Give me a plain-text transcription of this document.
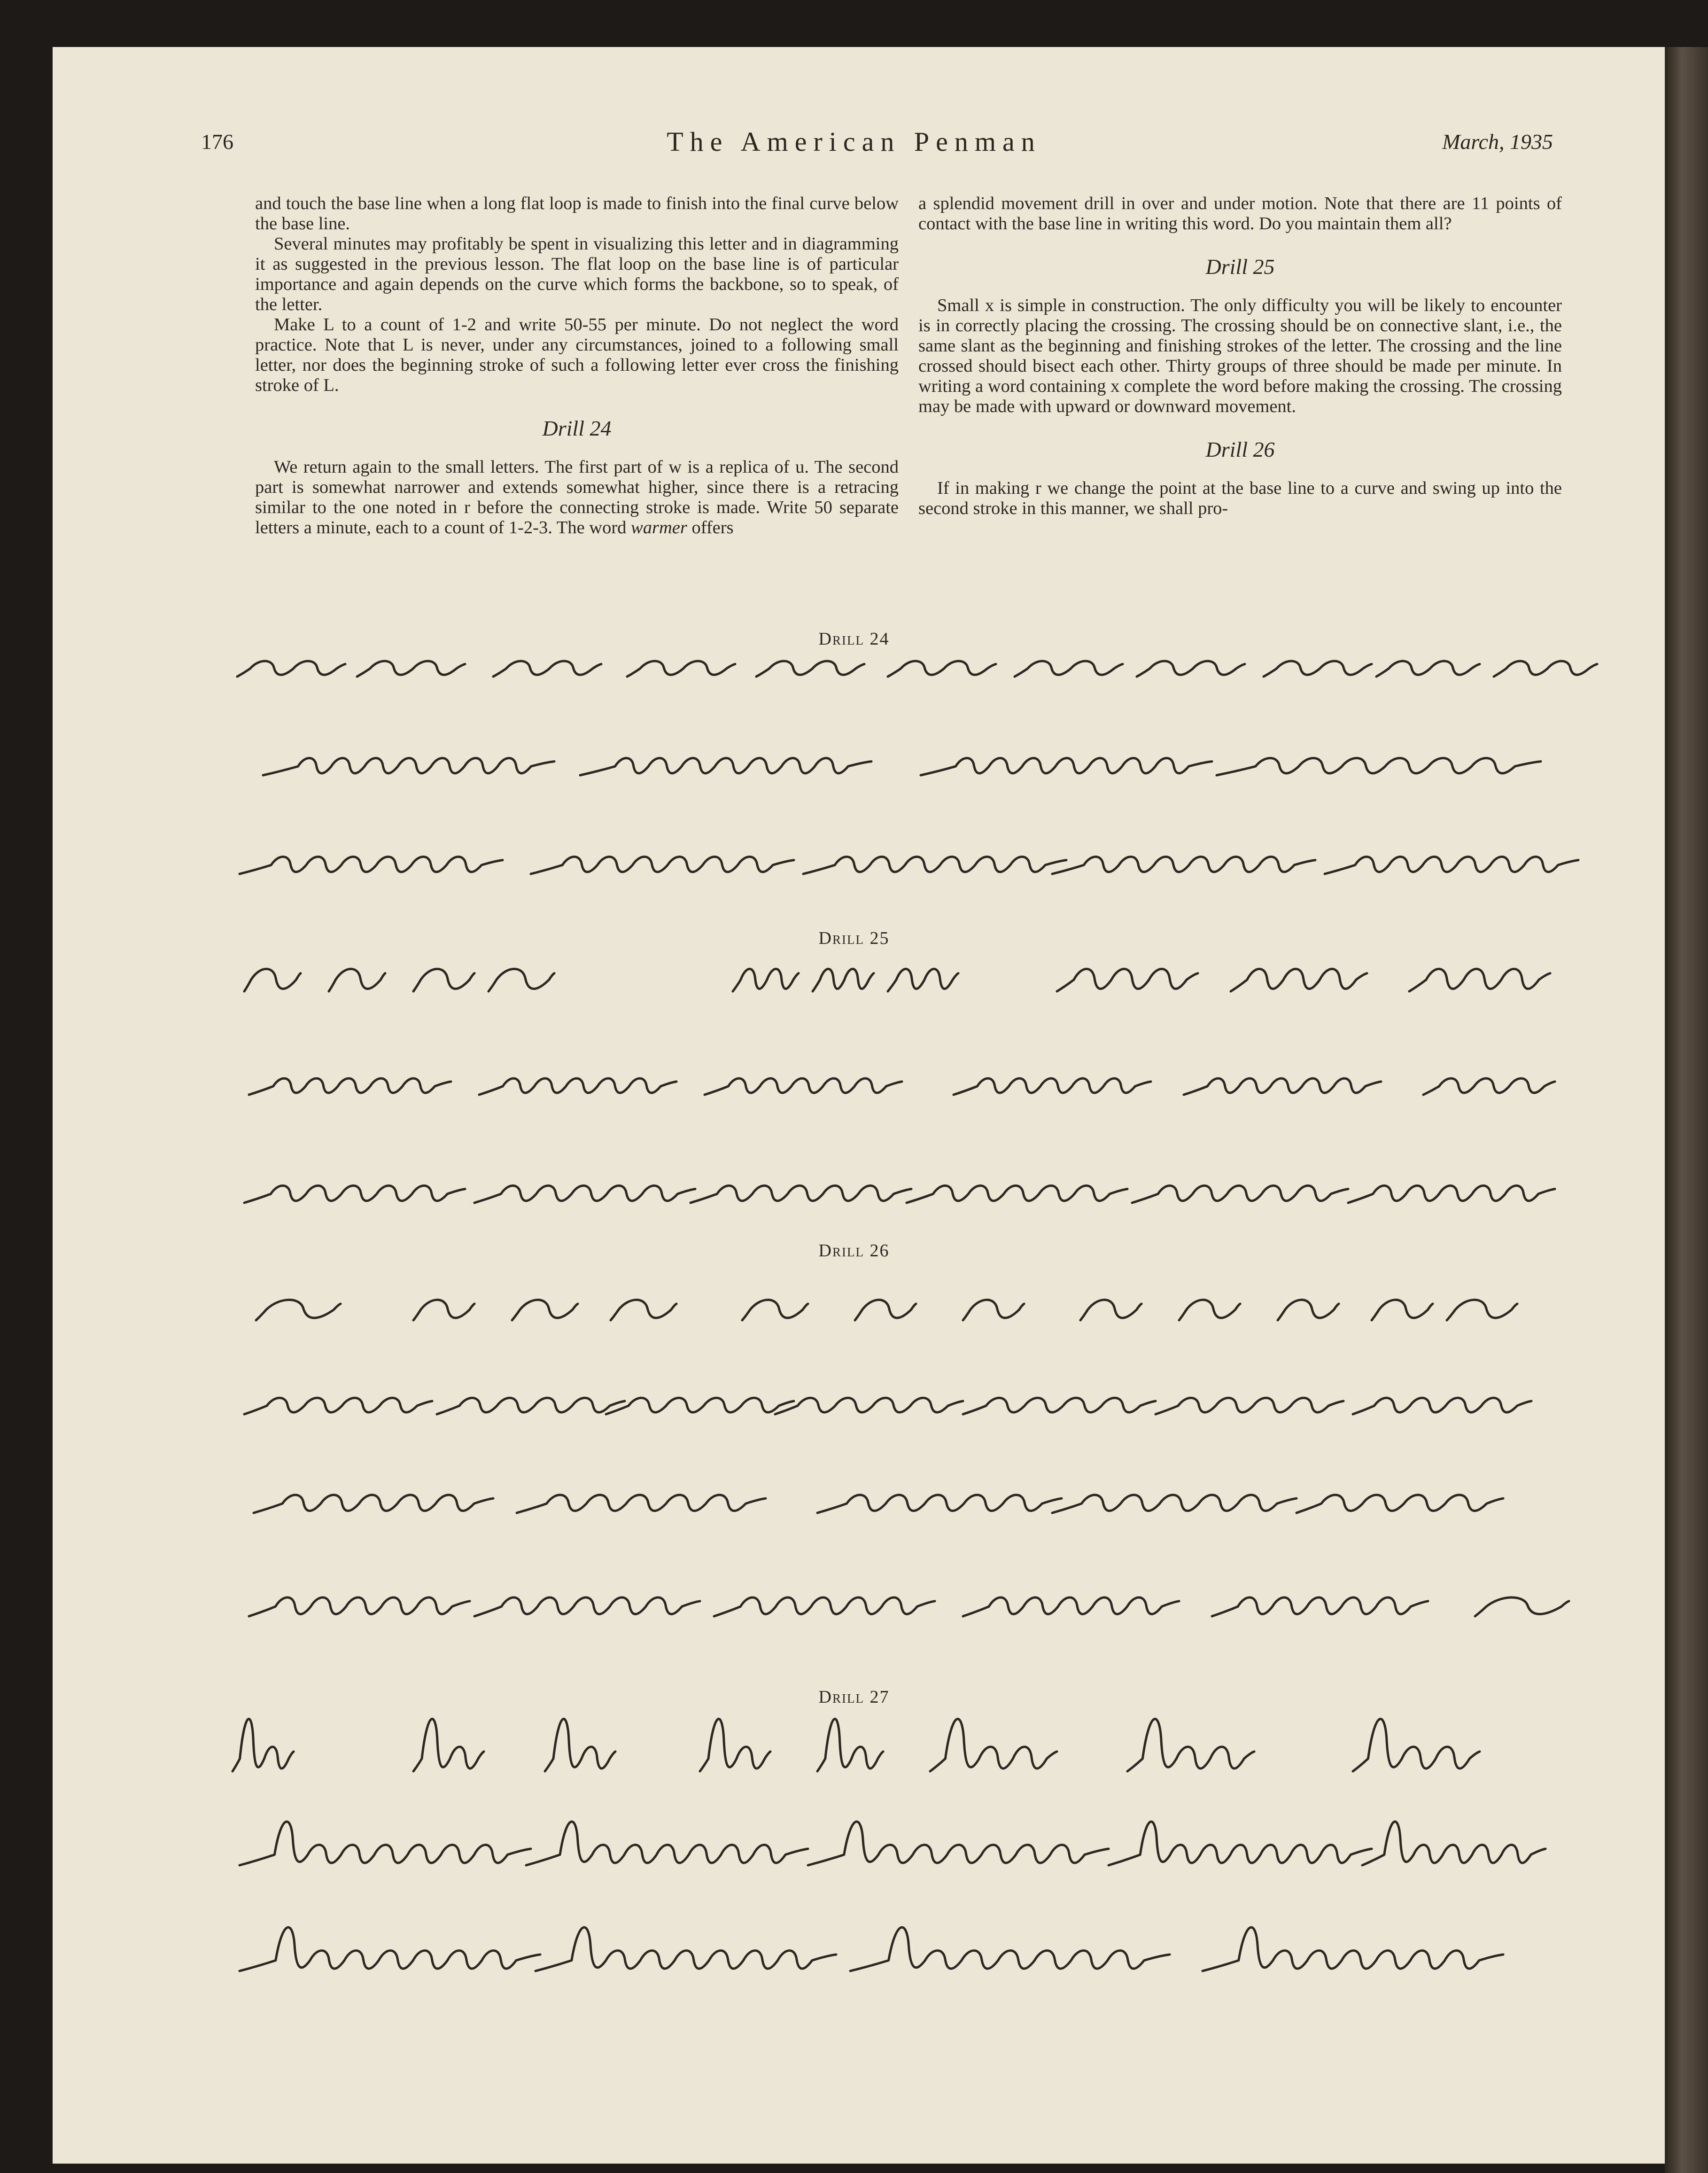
176	The American Penman	March, 1935

and touch the base line when a long flat loop is made to finish into the final curve below the base line.

Several minutes may profitably be spent in visualizing this letter and in diagramming it as suggested in the previous lesson. The flat loop on the base line is of particular importance and again depends on the curve which forms the backbone, so to speak, of the letter.

Make L to a count of 1-2 and write 50-55 per minute. Do not neglect the word practice. Note that L is never, under any circumstances, joined to a following small letter, nor does the beginning stroke of such a following letter ever cross the finishing stroke of L.

Drill 24

We return again to the small letters. The first part of w is a replica of u. The second part is somewhat narrower and extends somewhat higher, since there is a retracing similar to the one noted in r before the connecting stroke is made. Write 50 separate letters a minute, each to a count of 1-2-3. The word warmer offers

a splendid movement drill in over and under motion. Note that there are 11 points of contact with the base line in writing this word. Do you maintain them all?

Drill 25

Small x is simple in construction. The only difficulty you will be likely to encounter is in correctly placing the crossing. The crossing should be on connective slant, i.e., the same slant as the beginning and finishing strokes of the letter. The crossing and the line crossed should bisect each other. Thirty groups of three should be made per minute. In writing a word containing x complete the word before making the crossing. The crossing may be made with upward or downward movement.

Drill 26

If in making r we change the point at the base line to a curve and swing up into the second stroke in this manner, we shall pro-

Drill 24
Drill 25
Drill 26
Drill 27
